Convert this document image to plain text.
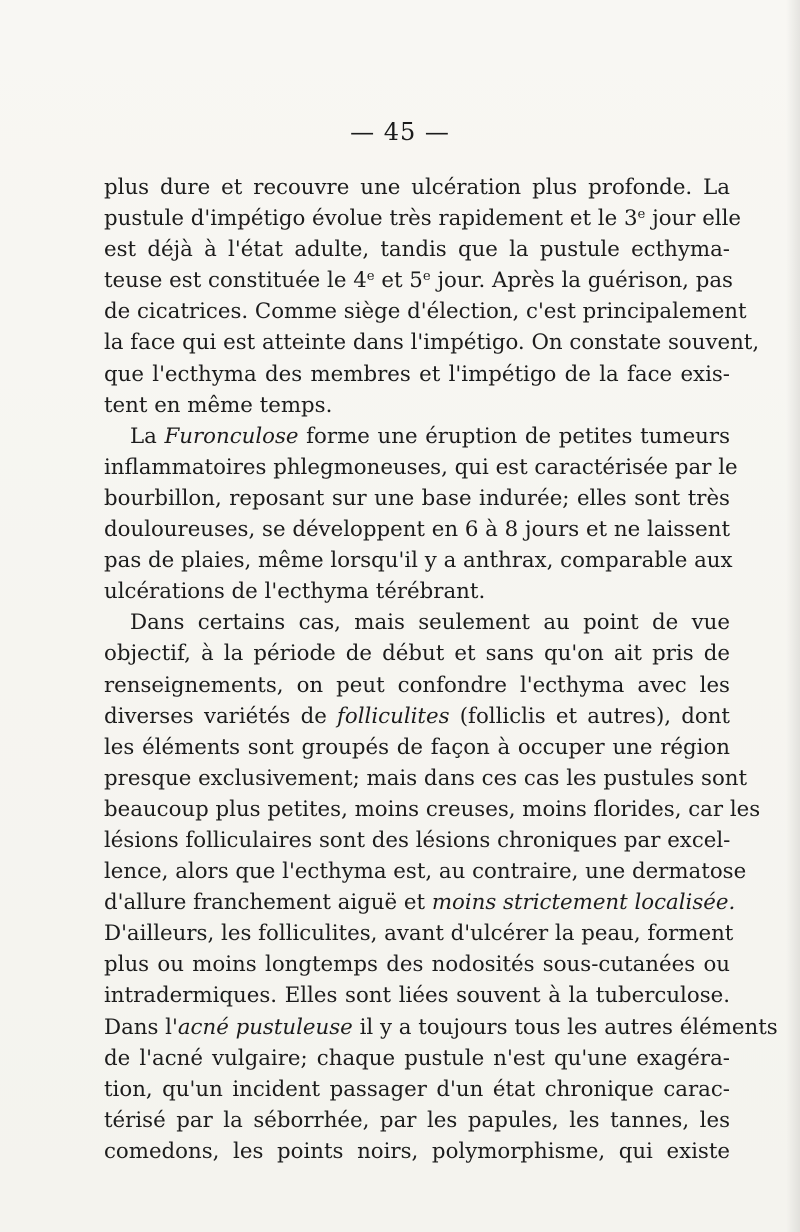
— 45 —
plus dure et recouvre une ulcération plus profonde. La
pustule d'impétigo évolue très rapidement et le 3e jour elle
est déjà à l'état adulte, tandis que la pustule ecthyma-
teuse est constituée le 4e et 5e jour. Après la guérison, pas
de cicatrices. Comme siège d'élection, c'est principalement
la face qui est atteinte dans l'impétigo. On constate souvent,
que l'ecthyma des membres et l'impétigo de la face exis-
tent en même temps.
La Furonculose forme une éruption de petites tumeurs
inflammatoires phlegmoneuses, qui est caractérisée par le
bourbillon, reposant sur une base indurée; elles sont très
douloureuses, se développent en 6 à 8 jours et ne laissent
pas de plaies, même lorsqu'il y a anthrax, comparable aux
ulcérations de l'ecthyma térébrant.
Dans certains cas, mais seulement au point de vue
objectif, à la période de début et sans qu'on ait pris de
renseignements, on peut confondre l'ecthyma avec les
diverses variétés de folliculites (folliclis et autres), dont
les éléments sont groupés de façon à occuper une région
presque exclusivement; mais dans ces cas les pustules sont
beaucoup plus petites, moins creuses, moins florides, car les
lésions folliculaires sont des lésions chroniques par excel-
lence, alors que l'ecthyma est, au contraire, une dermatose
d'allure franchement aiguë et moins strictement localisée.
D'ailleurs, les folliculites, avant d'ulcérer la peau, forment
plus ou moins longtemps des nodosités sous-cutanées ou
intradermiques. Elles sont liées souvent à la tuberculose.
Dans l'acné pustuleuse il y a toujours tous les autres éléments
de l'acné vulgaire; chaque pustule n'est qu'une exagéra-
tion, qu'un incident passager d'un état chronique carac-
térisé par la séborrhée, par les papules, les tannes, les
comedons, les points noirs, polymorphisme, qui existe
